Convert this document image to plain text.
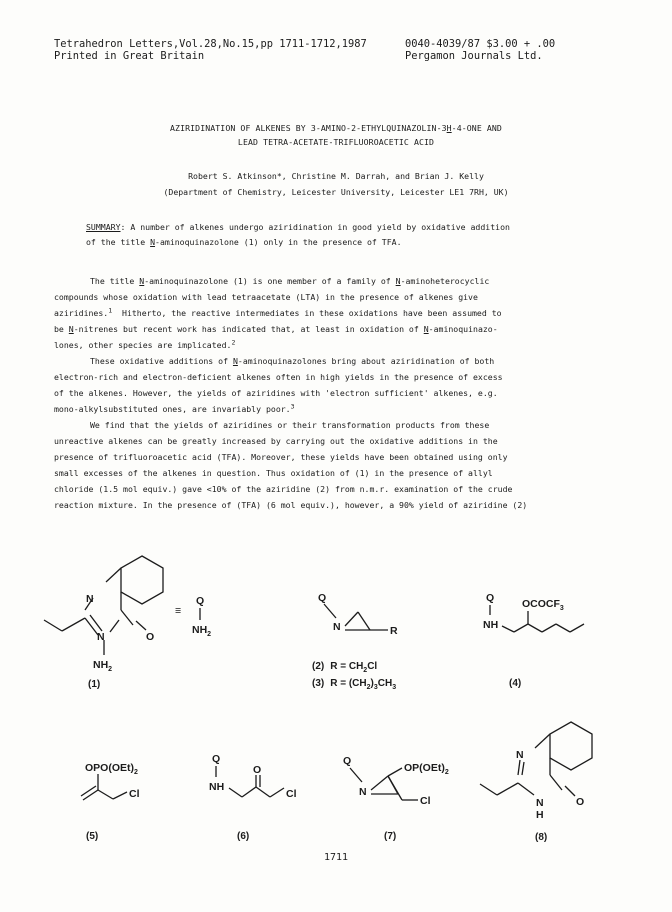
Tetrahedron Letters,Vol.28,No.15,pp 1711-1712,1987
Printed in Great Britain
0040-4039/87 $3.00 + .00
Pergamon Journals Ltd.
AZIRIDINATION OF ALKENES BY 3-AMINO-2-ETHYLQUINAZOLIN-3H-4-ONE AND
LEAD TETRA-ACETATE-TRIFLUOROACETIC ACID
Robert S. Atkinson*, Christine M. Darrah, and Brian J. Kelly
(Department of Chemistry, Leicester University, Leicester LE1 7RH, UK)
SUMMARY: A number of alkenes undergo aziridination in good yield by oxidative addition
of the title N-aminoquinazolone (1) only in the presence of TFA.
The title N-aminoquinazolone (1) is one member of a family of N-aminoheterocyclic
compounds whose oxidation with lead tetraacetate (LTA) in the presence of alkenes give
aziridines.$^1$  Hitherto, the reactive intermediates in these oxidations have been assumed to
be N-nitrenes but recent work has indicated that, at least in oxidation of N-aminoquinazo-
lones, other species are implicated.$^2$
These oxidative additions of N-aminoquinazolones bring about aziridination of both
electron-rich and electron-deficient alkenes often in high yields in the presence of excess
of the alkenes. However, the yields of aziridines with 'electron sufficient' alkenes, e.g.
mono-alkylsubstituted ones, are invariably poor.$^3$
We find that the yields of aziridines or their transformation products from these
unreactive alkenes can be greatly increased by carrying out the oxidative additions in the
presence of trifluoroacetic acid (TFA). Moreover, these yields have been obtained using only
small excesses of the alkenes in question. Thus oxidation of (1) in the presence of allyl
chloride (1.5 mol equiv.) gave <10% of the aziridine (2) from n.m.r. examination of the crude
reaction mixture. In the presence of (TFA) (6 mol equiv.), however, a 90% yield of aziridine (2)
N
N	O
$NH_2$
(1)
≡
Q
$NH_2$
Q
N	R
(2) $R = CH_2Cl$
(3) $R = (CH_2)_3CH_3$
Q
NH
$OCOCF_3$
(4)
$OPO(OEt)_2$
Cl
(5)
Q
NH
O
Cl
(6)
Q
N
$OP(OEt)_2$
Cl
(7)
N
N
H
O
(8)
1711
